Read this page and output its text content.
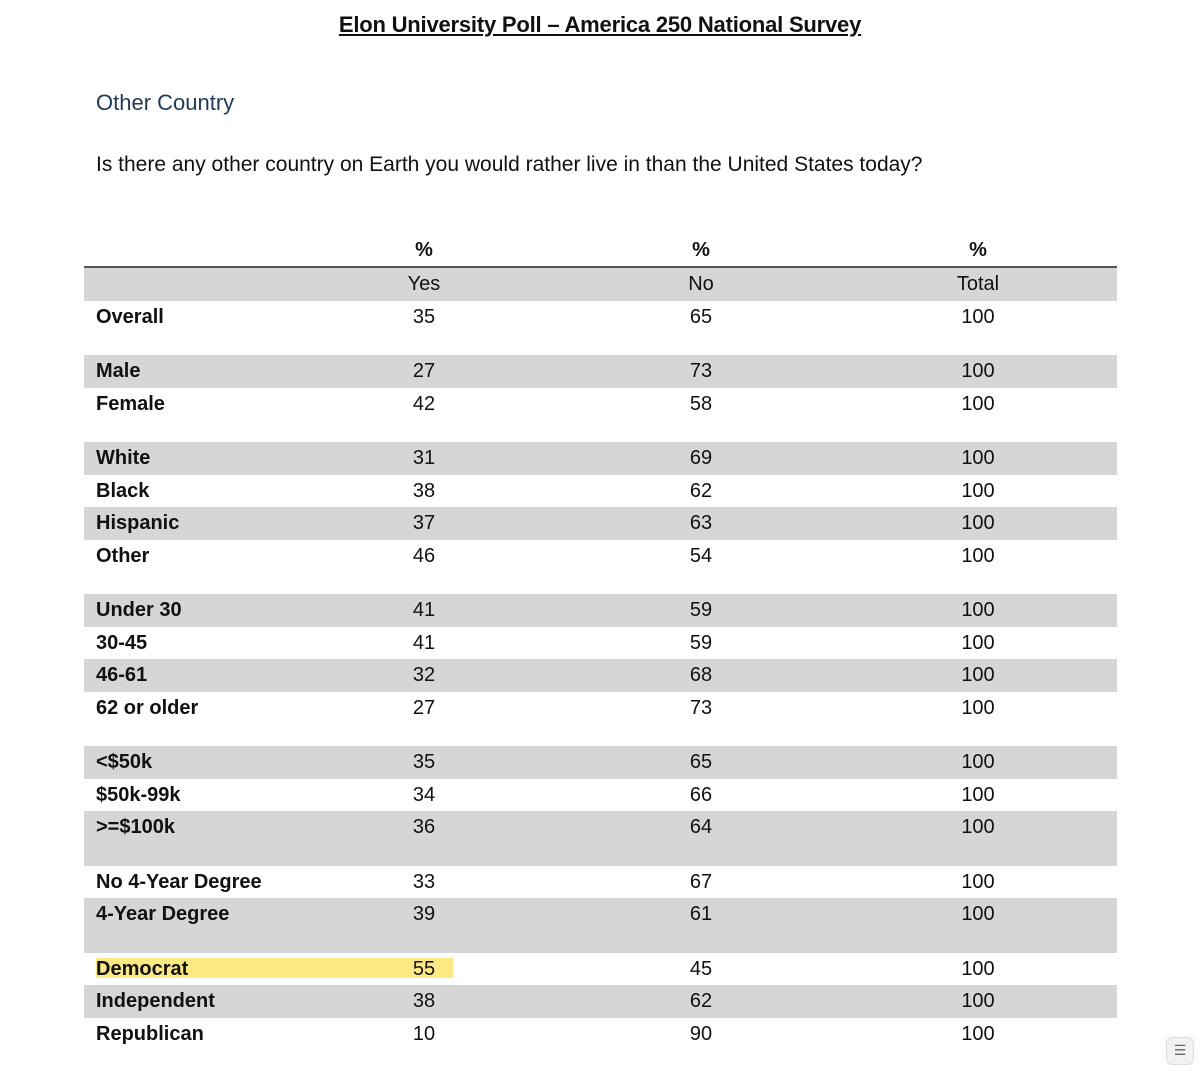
Elon University Poll – America 250 National Survey
Other Country
Is there any other country on Earth you would rather live in than the United States today?
%	%	%
Yes	No	Total
Overall	35	65	100
Male	27	73	100
Female	42	58	100
White	31	69	100
Black	38	62	100
Hispanic	37	63	100
Other	46	54	100
Under 30	41	59	100
30-45	41	59	100
46-61	32	68	100
62 or older	27	73	100
<$50k	35	65	100
$50k-99k	34	66	100
>=$100k	36	64	100
No 4-Year Degree	33	67	100
4-Year Degree	39	61	100
Democrat	55	45	100
Independent	38	62	100
Republican	10	90	100
☰
